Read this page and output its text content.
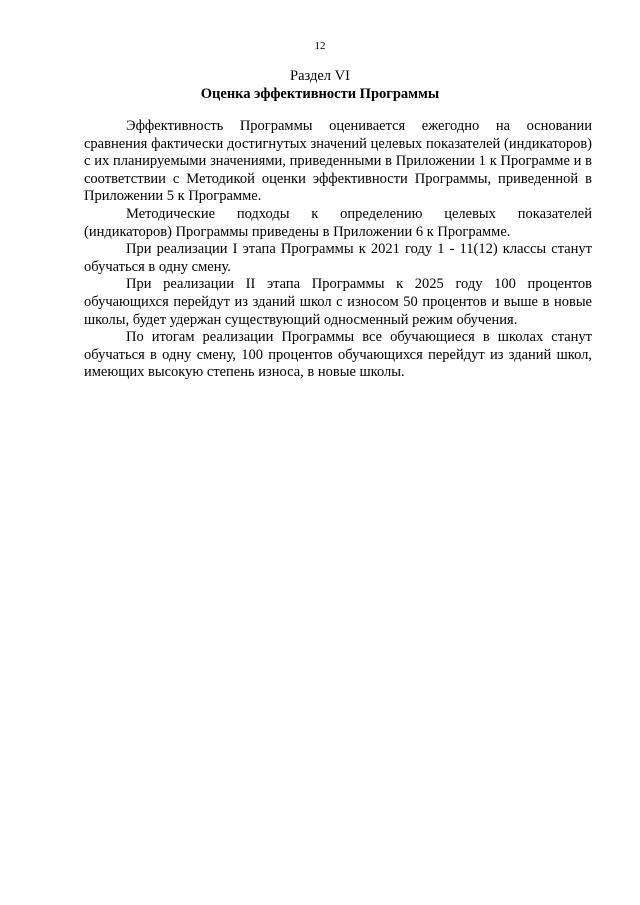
12
Раздел VI
Оценка эффективности Программы

Эффективность Программы оценивается ежегодно на основании сравнения фактически достигнутых значений целевых показателей (индикаторов) с их планируемыми значениями, приведенными в Приложении 1 к Программе и в соответствии с Методикой оценки эффективности Программы, приведенной в Приложении 5 к Программе.

Методические подходы к определению целевых показателей (индикаторов) Программы приведены в Приложении 6 к Программе.

При реализации I этапа Программы к 2021 году 1 - 11(12) классы станут обучаться в одну смену.

При реализации II этапа Программы к 2025 году 100 процентов обучающихся перейдут из зданий школ с износом 50 процентов и выше в новые школы, будет удержан существующий односменный режим обучения.

По итогам реализации Программы все обучающиеся в школах станут обучаться в одну смену, 100 процентов обучающихся перейдут из зданий школ, имеющих высокую степень износа, в новые школы.
